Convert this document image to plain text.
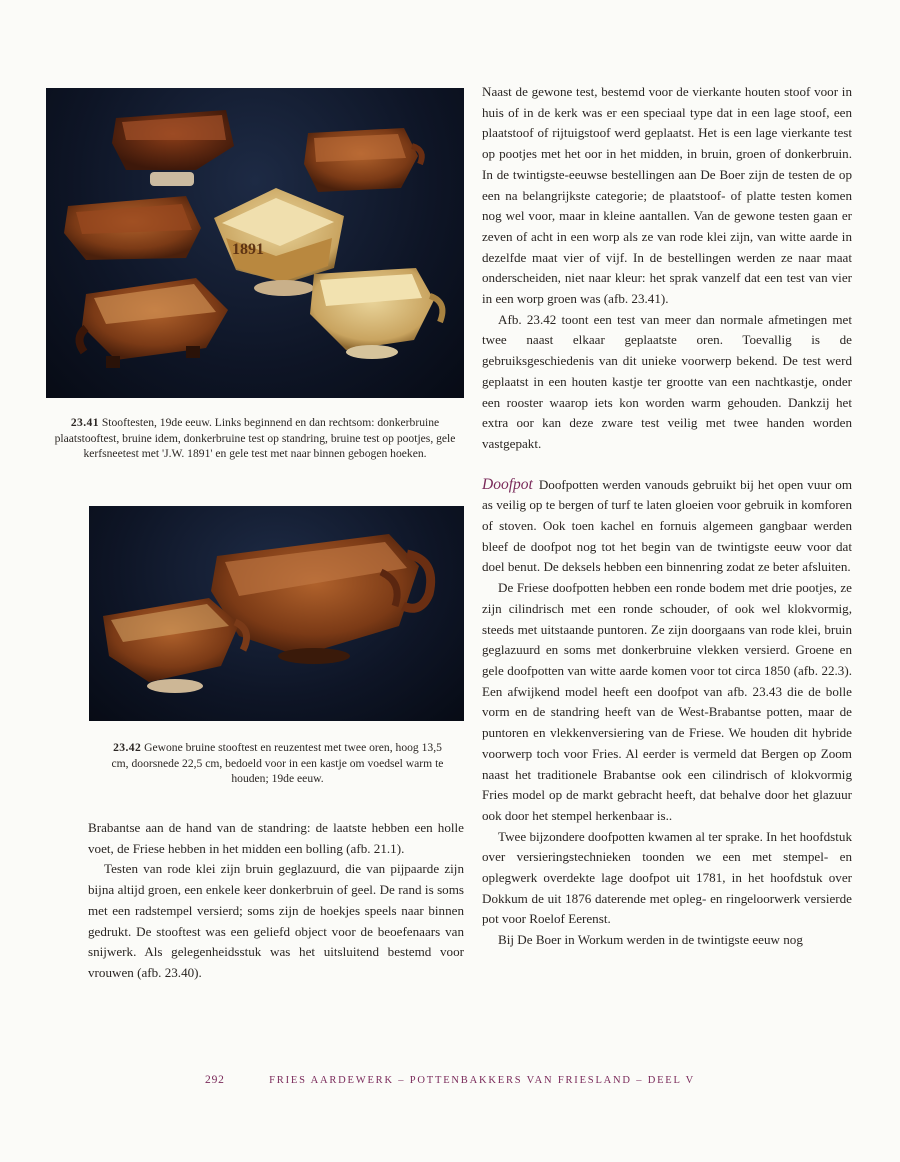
1891
23.41 Stooftesten, 19de eeuw. Links beginnend en dan rechtsom: donkerbruine plaatstooftest, bruine idem, donkerbruine test op standring, bruine test op pootjes, gele kerfsneetest met 'J.W. 1891' en gele test met naar binnen gebogen hoeken.
23.42 Gewone bruine stooftest en reuzentest met twee oren, hoog 13,5 cm, doorsnede 22,5 cm, bedoeld voor in een kastje om voedsel warm te houden; 19de eeuw.

Brabantse aan de hand van de standring: de laatste hebben een holle voet, de Friese hebben in het midden een bolling (afb. 21.1).

Testen van rode klei zijn bruin geglazuurd, die van pijpaarde zijn bijna altijd groen, een enkele keer donkerbruin of geel. De rand is soms met een radstempel versierd; soms zijn de hoekjes speels naar binnen gedrukt. De stooftest was een geliefd object voor de beoefenaars van snijwerk. Als gelegenheidsstuk was het uitsluitend bestemd voor vrouwen (afb. 23.40).

Naast de gewone test, bestemd voor de vierkante houten stoof voor in huis of in de kerk was er een speciaal type dat in een lage stoof, een plaatstoof of rijtuigstoof werd geplaatst. Het is een lage vierkante test op pootjes met het oor in het midden, in bruin, groen of donkerbruin. In de twintigste-eeuwse bestellingen aan De Boer zijn de testen de op een na belangrijkste categorie; de plaatstoof- of platte testen komen nog wel voor, maar in kleine aantallen. Van de gewone testen gaan er zeven of acht in een worp als ze van rode klei zijn, van witte aarde in dezelfde maat vier of vijf. In de bestellingen werden ze naar maat onderscheiden, niet naar kleur: het sprak vanzelf dat een test van vier in een worp groen was (afb. 23.41).

Afb. 23.42 toont een test van meer dan normale afmetingen met twee naast elkaar geplaatste oren. Toevallig is de gebruiksgeschiedenis van dit unieke voorwerp bekend. De test werd geplaatst in een houten kastje ter grootte van een nachtkastje, onder een rooster waarop iets kon worden warm gehouden. Dankzij het extra oor kan deze zware test veilig met twee handen worden vastgepakt.

Doofpot Doofpotten werden vanouds gebruikt bij het open vuur om as veilig op te bergen of turf te laten gloeien voor gebruik in komforen of stoven. Ook toen kachel en fornuis algemeen gangbaar werden bleef de doofpot nog tot het begin van de twintigste eeuw voor dat doel benut. De deksels hebben een binnenring zodat ze beter afsluiten.

De Friese doofpotten hebben een ronde bodem met drie pootjes, ze zijn cilindrisch met een ronde schouder, of ook wel klokvormig, steeds met uitstaande puntoren. Ze zijn doorgaans van rode klei, bruin geglazuurd en soms met donkerbruine vlekken versierd. Groene en gele doofpotten van witte aarde komen voor tot circa 1850 (afb. 22.3). Een afwijkend model heeft een doofpot van afb. 23.43 die de bolle vorm en de standring heeft van de West-Brabantse potten, maar de puntoren en vlekkenversiering van de Friese. We houden dit hybride voorwerp toch voor Fries. Al eerder is vermeld dat Bergen op Zoom naast het traditionele Brabantse ook een cilindrisch of klokvormig Fries model op de markt gebracht heeft, dat behalve door het glazuur ook door het stempel herkenbaar is..

Twee bijzondere doofpotten kwamen al ter sprake. In het hoofdstuk over versieringstechnieken toonden we een met stempel- en oplegwerk overdekte lage doofpot uit 1781, in het hoofdstuk over Dokkum de uit 1876 daterende met opleg- en ringeloorwerk versierde pot voor Roelof Eerenst.

Bij De Boer in Workum werden in de twintigste eeuw nog

292	FRIES AARDEWERK – POTTENBAKKERS VAN FRIESLAND – DEEL V
